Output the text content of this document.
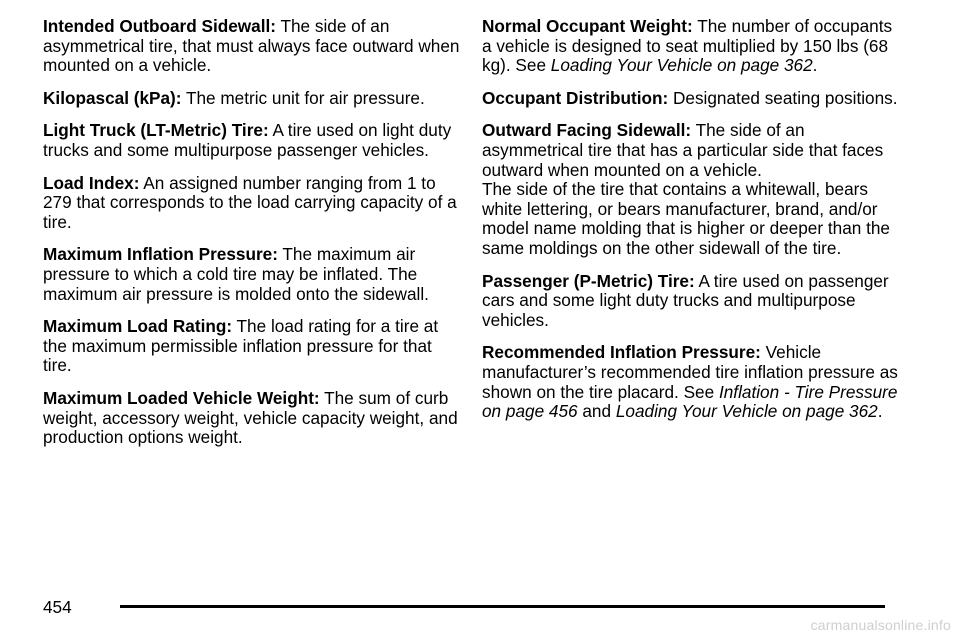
Intended Outboard Sidewall: The side of an asymmetrical tire, that must always face outward when mounted on a vehicle.

Kilopascal (kPa): The metric unit for air pressure.

Light Truck (LT-Metric) Tire: A tire used on light duty trucks and some multipurpose passenger vehicles.

Load Index: An assigned number ranging from 1 to 279 that corresponds to the load carrying capacity of a tire.

Maximum Inflation Pressure: The maximum air pressure to which a cold tire may be inflated. The maximum air pressure is molded onto the sidewall.

Maximum Load Rating: The load rating for a tire at the maximum permissible inflation pressure for that tire.

Maximum Loaded Vehicle Weight: The sum of curb weight, accessory weight, vehicle capacity weight, and production options weight.

Normal Occupant Weight: The number of occupants a vehicle is designed to seat multiplied by 150 lbs (68 kg). See Loading Your Vehicle on page 362.

Occupant Distribution: Designated seating positions.

Outward Facing Sidewall: The side of an asymmetrical tire that has a particular side that faces outward when mounted on a vehicle.
The side of the tire that contains a whitewall, bears white lettering, or bears manufacturer, brand, and/or model name molding that is higher or deeper than the same moldings on the other sidewall of the tire.

Passenger (P-Metric) Tire: A tire used on passenger cars and some light duty trucks and multipurpose vehicles.

Recommended Inflation Pressure: Vehicle manufacturer’s recommended tire inflation pressure as shown on the tire placard. See Inflation - Tire Pressure on page 456 and Loading Your Vehicle on page 362.

454
carmanualsonline.info
